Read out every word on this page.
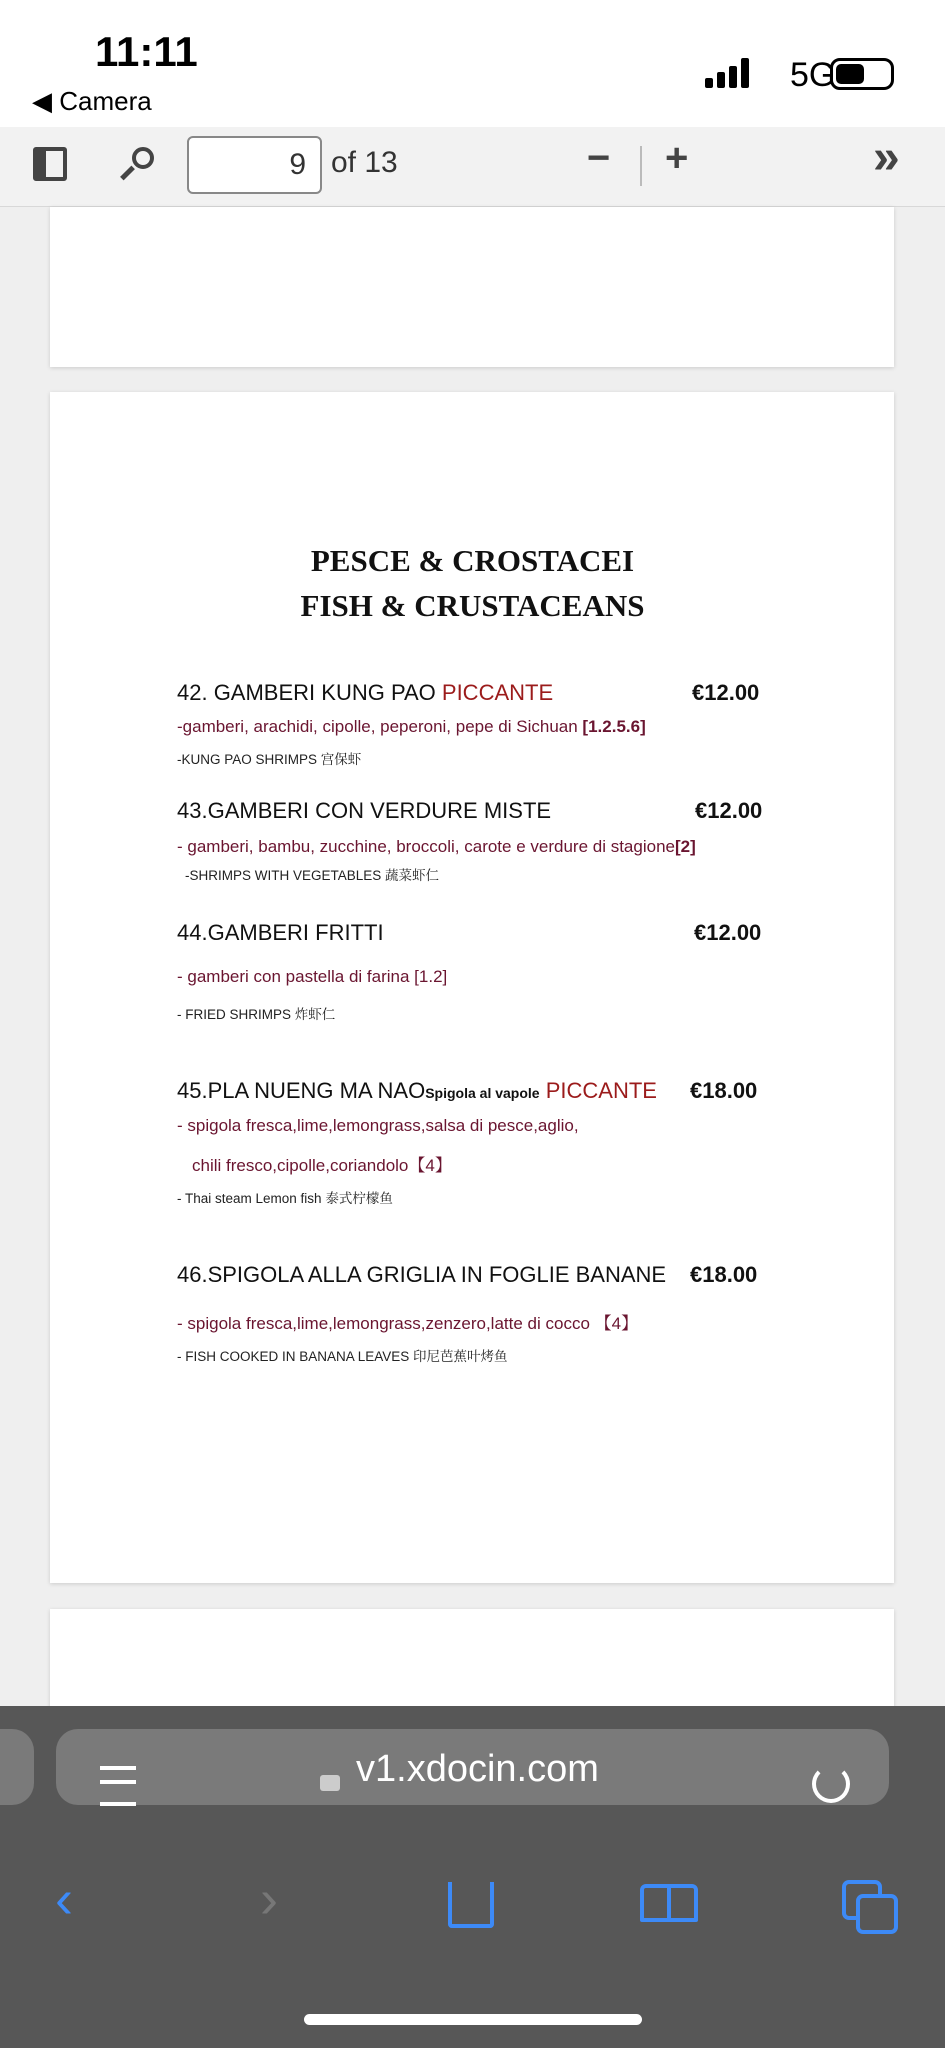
11:11
◀ Camera
5G
9 of 13	− +	»
PESCE & CROSTACEI
FISH & CRUSTACEANS
42. GAMBERI KUNG PAO PICCANTE	€12.00
-gamberi, arachidi, cipolle, peperoni, pepe di Sichuan [1.2.5.6]
-KUNG PAO SHRIMPS 宫保虾
43.GAMBERI CON VERDURE MISTE	€12.00
- gamberi, bambu, zucchine, broccoli, carote e verdure di stagione[2]
-SHRIMPS WITH VEGETABLES 蔬菜虾仁
44.GAMBERI FRITTI	€12.00
- gamberi con pastella di farina [1.2]
- FRIED SHRIMPS 炸虾仁
45.PLA NUENG MA NAOSpigola al vapole PICCANTE €18.00
- spigola fresca,lime,lemongrass,salsa di pesce,aglio,
chili fresco,cipolle,coriandolo【4】
- Thai steam Lemon fish 泰式柠檬鱼
46.SPIGOLA ALLA GRIGLIA IN FOGLIE BANANE €18.00
- spigola fresca,lime,lemongrass,zenzero,latte di cocco 【4】
- FISH COOKED IN BANANA LEAVES 印尼芭蕉叶烤鱼
v1.xdocin.com
‹	›
